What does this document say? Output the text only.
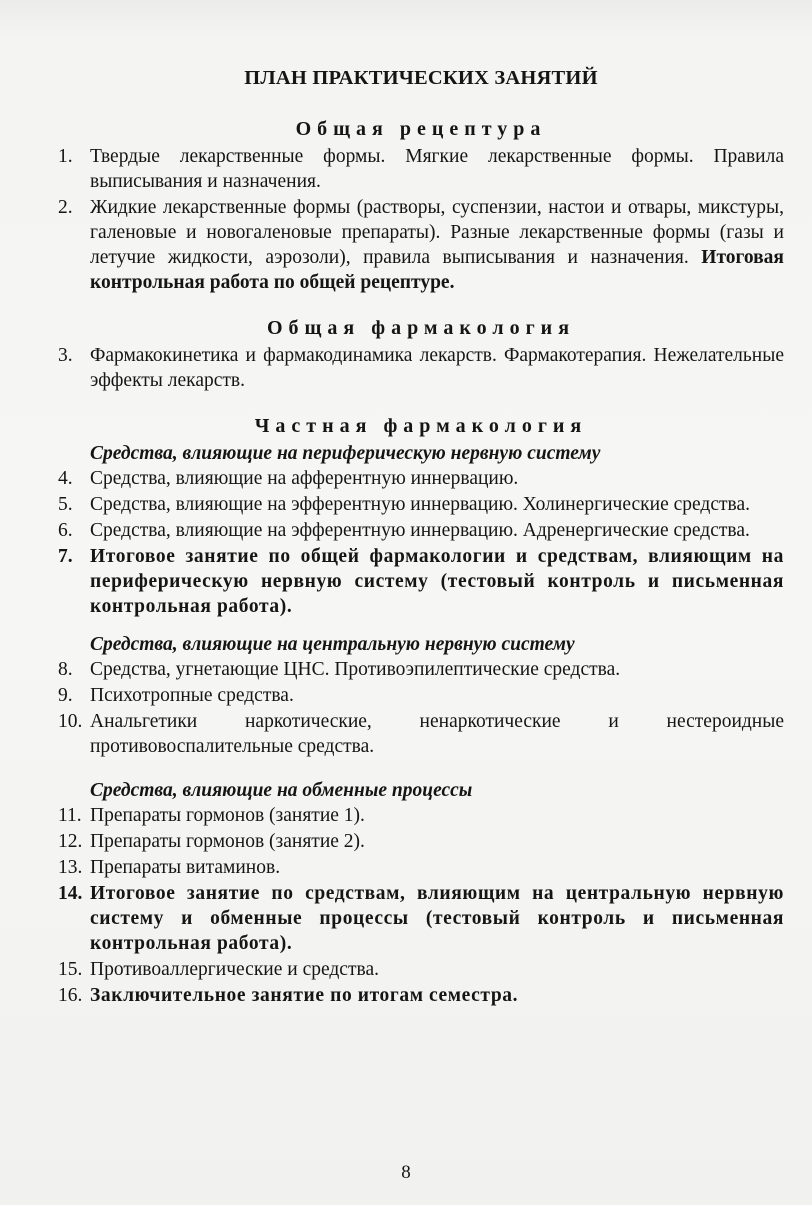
ПЛАН ПРАКТИЧЕСКИХ ЗАНЯТИЙ
Общая рецептура
1. Твердые лекарственные формы. Мягкие лекарственные формы. Правила выписывания и назначения.
2. Жидкие лекарственные формы (растворы, суспензии, настои и отвары, микстуры, галеновые и новогаленовые препараты). Разные лекарственные формы (газы и летучие жидкости, аэрозоли), правила выписывания и назначения. Итоговая контрольная работа по общей рецептуре.
Общая фармакология
3. Фармакокинетика и фармакодинамика лекарств. Фармакотерапия. Нежелательные эффекты лекарств.
Частная фармакология
Средства, влияющие на периферическую нервную систему
4. Средства, влияющие на афферентную иннервацию.
5. Средства, влияющие на эфферентную иннервацию. Холинергические средства.
6. Средства, влияющие на эфферентную иннервацию. Адренергические средства.
7. Итоговое занятие по общей фармакологии и средствам, влияющим на периферическую нервную систему (тестовый контроль и письменная контрольная работа).
Средства, влияющие на центральную нервную систему
8. Средства, угнетающие ЦНС. Противоэпилептические средства.
9. Психотропные средства.
10. Анальгетики наркотические, ненаркотические и нестероидные противовоспалительные средства.
Средства, влияющие на обменные процессы
11. Препараты гормонов (занятие 1).
12. Препараты гормонов (занятие 2).
13. Препараты витаминов.
14. Итоговое занятие по средствам, влияющим на центральную нервную систему и обменные процессы (тестовый контроль и письменная контрольная работа).
15. Противоаллергические и средства.
16. Заключительное занятие по итогам семестра.
8
